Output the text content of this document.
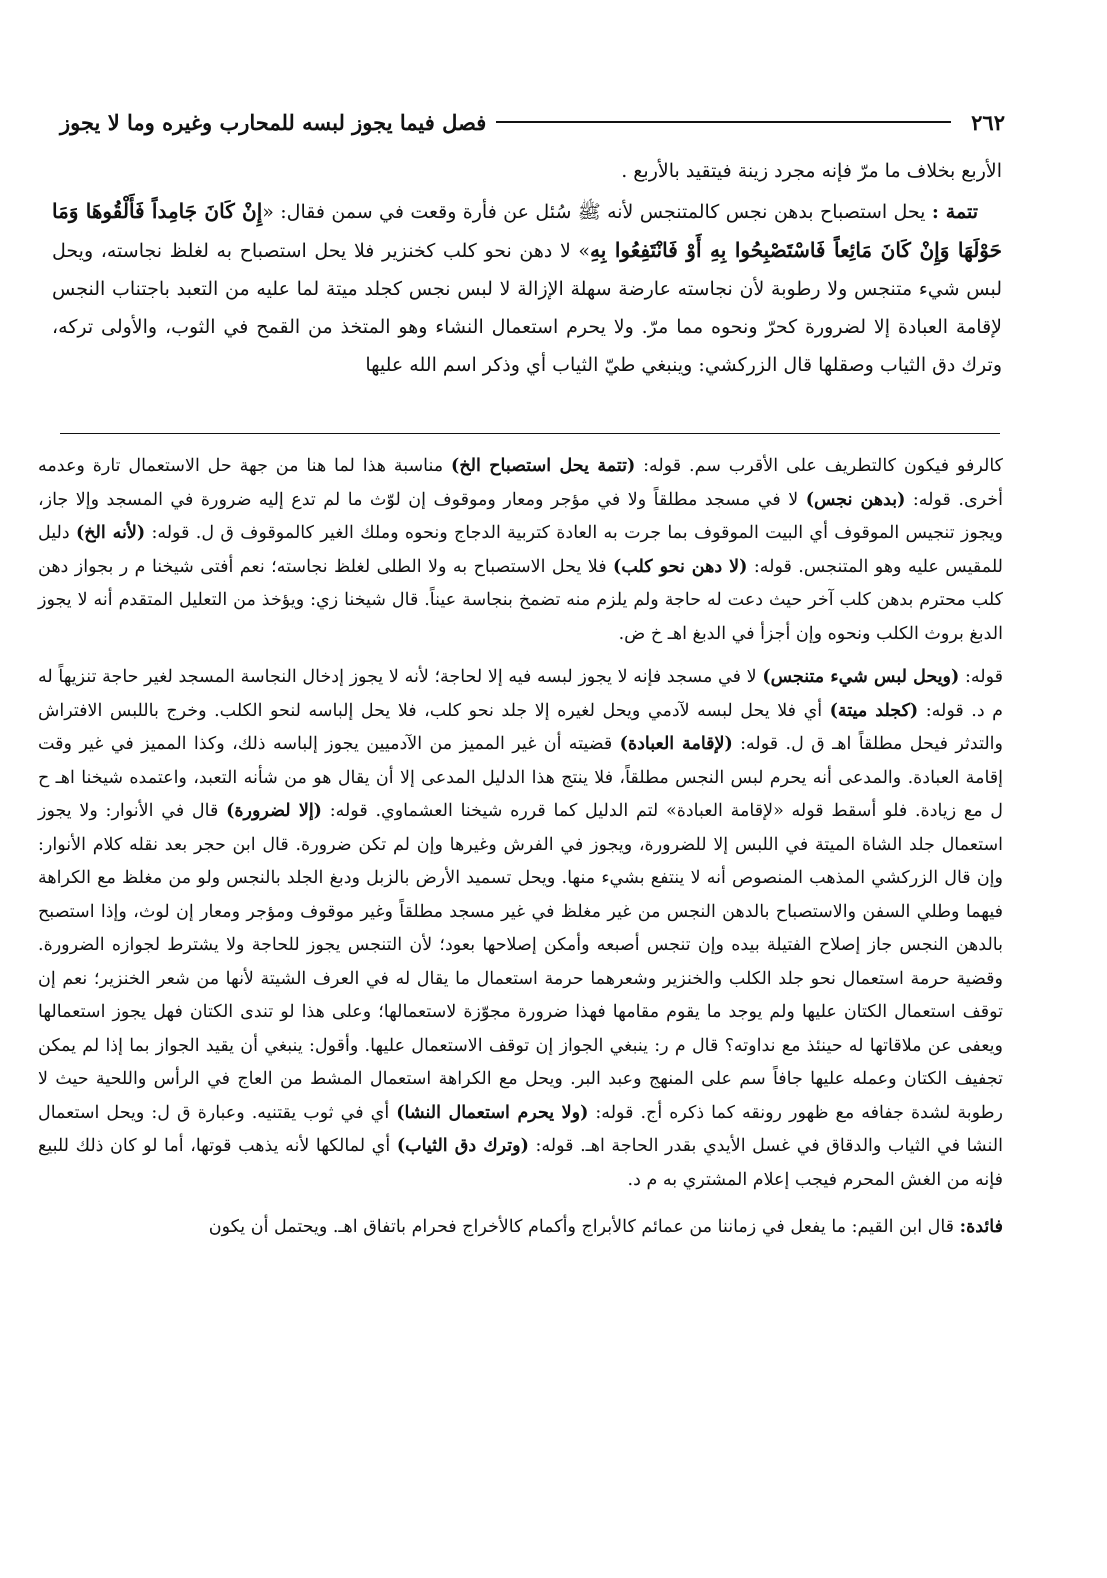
٢٦٢
فصل فيما يجوز لبسه للمحارب وغيره وما لا يجوز

الأربع بخلاف ما مرّ فإنه مجرد زينة فيتقيد بالأربع .

تتمة : يحل استصباح بدهن نجس كالمتنجس لأنه ﷺ سُئل عن فأرة وقعت في سمن فقال: «إِنْ كَانَ جَامِداً فَأَلْقُوهَا وَمَا حَوْلَهَا وَإِنْ كَانَ مَائِعاً فَاسْتَصْبِحُوا بِهِ أَوْ فَانْتَفِعُوا بِهِ» لا دهن نحو كلب كخنزير فلا يحل استصباح به لغلظ نجاسته، ويحل لبس شيء متنجس ولا رطوبة لأن نجاسته عارضة سهلة الإزالة لا لبس نجس كجلد ميتة لما عليه من التعبد باجتناب النجس لإقامة العبادة إلا لضرورة كحرّ ونحوه مما مرّ. ولا يحرم استعمال النشاء وهو المتخذ من القمح في الثوب، والأولى تركه، وترك دق الثياب وصقلها قال الزركشي: وينبغي طيّ الثياب أي وذكر اسم الله عليها

كالرفو فيكون كالتطريف على الأقرب سم. قوله: (تتمة يحل استصباح الخ) مناسبة هذا لما هنا من جهة حل الاستعمال تارة وعدمه أخرى. قوله: (بدهن نجس) لا في مسجد مطلقاً ولا في مؤجر ومعار وموقوف إن لوّث ما لم تدع إليه ضرورة في المسجد وإلا جاز، ويجوز تنجيس الموقوف أي البيت الموقوف بما جرت به العادة كتربية الدجاج ونحوه وملك الغير كالموقوف ق ل. قوله: (لأنه الخ) دليل للمقيس عليه وهو المتنجس. قوله: (لا دهن نحو كلب) فلا يحل الاستصباح به ولا الطلى لغلظ نجاسته؛ نعم أفتى شيخنا م ر بجواز دهن كلب محترم بدهن كلب آخر حيث دعت له حاجة ولم يلزم منه تضمخ بنجاسة عيناً. قال شيخنا زي: ويؤخذ من التعليل المتقدم أنه لا يجوز الدبغ بروث الكلب ونحوه وإن أجزأ في الدبغ اهـ خ ض.

قوله: (ويحل لبس شيء متنجس) لا في مسجد فإنه لا يجوز لبسه فيه إلا لحاجة؛ لأنه لا يجوز إدخال النجاسة المسجد لغير حاجة تنزيهاً له م د. قوله: (كجلد ميتة) أي فلا يحل لبسه لآدمي ويحل لغيره إلا جلد نحو كلب، فلا يحل إلباسه لنحو الكلب. وخرج باللبس الافتراش والتدثر فيحل مطلقاً اهـ ق ل. قوله: (لإقامة العبادة) قضيته أن غير المميز من الآدميين يجوز إلباسه ذلك، وكذا المميز في غير وقت إقامة العبادة. والمدعى أنه يحرم لبس النجس مطلقاً، فلا ينتج هذا الدليل المدعى إلا أن يقال هو من شأنه التعبد، واعتمده شيخنا اهـ ح ل مع زيادة. فلو أسقط قوله «لإقامة العبادة» لتم الدليل كما قرره شيخنا العشماوي. قوله: (إلا لضرورة) قال في الأنوار: ولا يجوز استعمال جلد الشاة الميتة في اللبس إلا للضرورة، ويجوز في الفرش وغيرها وإن لم تكن ضرورة. قال ابن حجر بعد نقله كلام الأنوار: وإن قال الزركشي المذهب المنصوص أنه لا ينتفع بشيء منها. ويحل تسميد الأرض بالزبل ودبغ الجلد بالنجس ولو من مغلظ مع الكراهة فيهما وطلي السفن والاستصباح بالدهن النجس من غير مغلظ في غير مسجد مطلقاً وغير موقوف ومؤجر ومعار إن لوث، وإذا استصبح بالدهن النجس جاز إصلاح الفتيلة بيده وإن تنجس أصبعه وأمكن إصلاحها بعود؛ لأن التنجس يجوز للحاجة ولا يشترط لجوازه الضرورة. وقضية حرمة استعمال نحو جلد الكلب والخنزير وشعرهما حرمة استعمال ما يقال له في العرف الشيتة لأنها من شعر الخنزير؛ نعم إن توقف استعمال الكتان عليها ولم يوجد ما يقوم مقامها فهذا ضرورة مجوّزة لاستعمالها؛ وعلى هذا لو تندى الكتان فهل يجوز استعمالها ويعفى عن ملاقاتها له حينئذ مع نداوته؟ قال م ر: ينبغي الجواز إن توقف الاستعمال عليها. وأقول: ينبغي أن يقيد الجواز بما إذا لم يمكن تجفيف الكتان وعمله عليها جافاً سم على المنهج وعبد البر. ويحل مع الكراهة استعمال المشط من العاج في الرأس واللحية حيث لا رطوبة لشدة جفافه مع ظهور رونقه كما ذكره أج. قوله: (ولا يحرم استعمال النشا) أي في ثوب يقتنيه. وعبارة ق ل: ويحل استعمال النشا في الثياب والدقاق في غسل الأيدي بقدر الحاجة اهـ. قوله: (وترك دق الثياب) أي لمالكها لأنه يذهب قوتها، أما لو كان ذلك للبيع فإنه من الغش المحرم فيجب إعلام المشتري به م د.

فائدة: قال ابن القيم: ما يفعل في زماننا من عمائم كالأبراج وأكمام كالأخراج فحرام باتفاق اهـ. ويحتمل أن يكون
